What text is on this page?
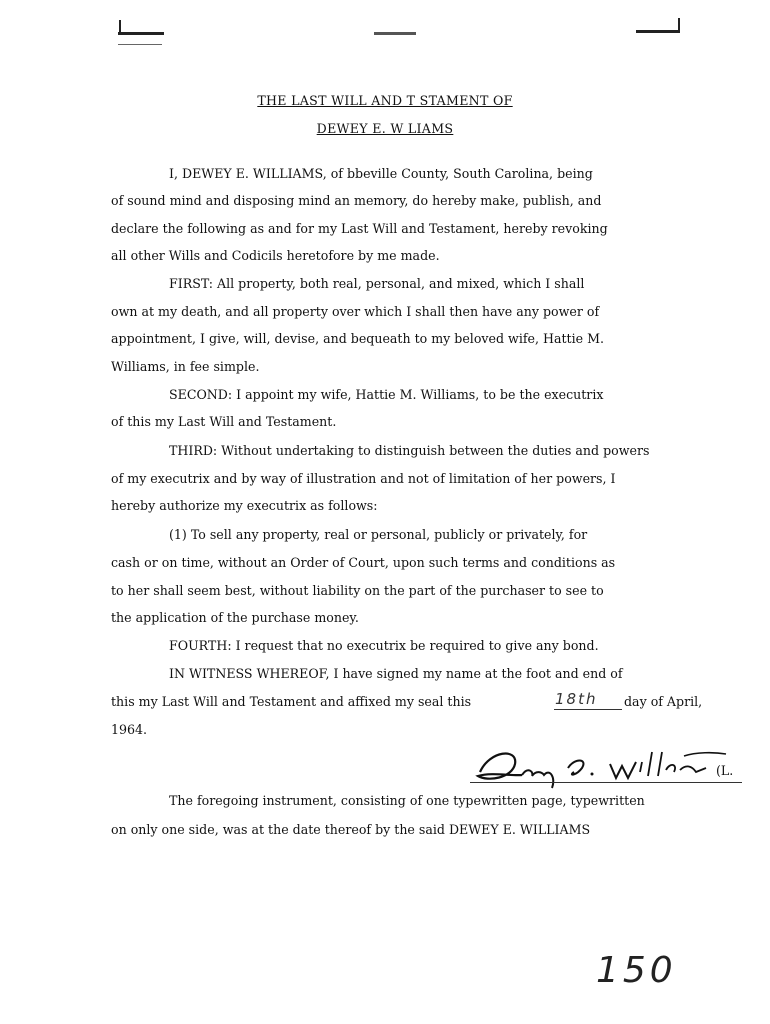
THE LAST WILL AND T STAMENT OF
DEWEY E. W LIAMS
I, DEWEY E. WILLIAMS, of bbeville County, South Carolina, being
of sound mind and disposing mind an memory, do hereby make, publish, and
declare the following as and for my Last Will and Testament, hereby revoking
all other Wills and Codicils heretofore by me made.
FIRST: All property, both real, personal, and mixed, which I shall
own at my death, and all property over which I shall then have any power of
appointment, I give, will, devise, and bequeath to my beloved wife, Hattie M.
Williams, in fee simple.
SECOND: I appoint my wife, Hattie M. Williams, to be the executrix
of this my Last Will and Testament.
THIRD: Without undertaking to distinguish between the duties and powers
of my executrix and by way of illustration and not of limitation of her powers, I
hereby authorize my executrix as follows:
(1) To sell any property, real or personal, publicly or privately, for
cash or on time, without an Order of Court, upon such terms and conditions as
to her shall seem best, without liability on the part of the purchaser to see to
the application of the purchase money.
FOURTH: I request that no executrix be required to give any bond.
IN WITNESS WHEREOF, I have signed my name at the foot and end of
this my Last Will and Testament and affixed my seal this	18th day of April,
1964.
(L.
The foregoing instrument, consisting of one typewritten page, typewritten
on only one side, was at the date thereof by the said DEWEY E. WILLIAMS
150
